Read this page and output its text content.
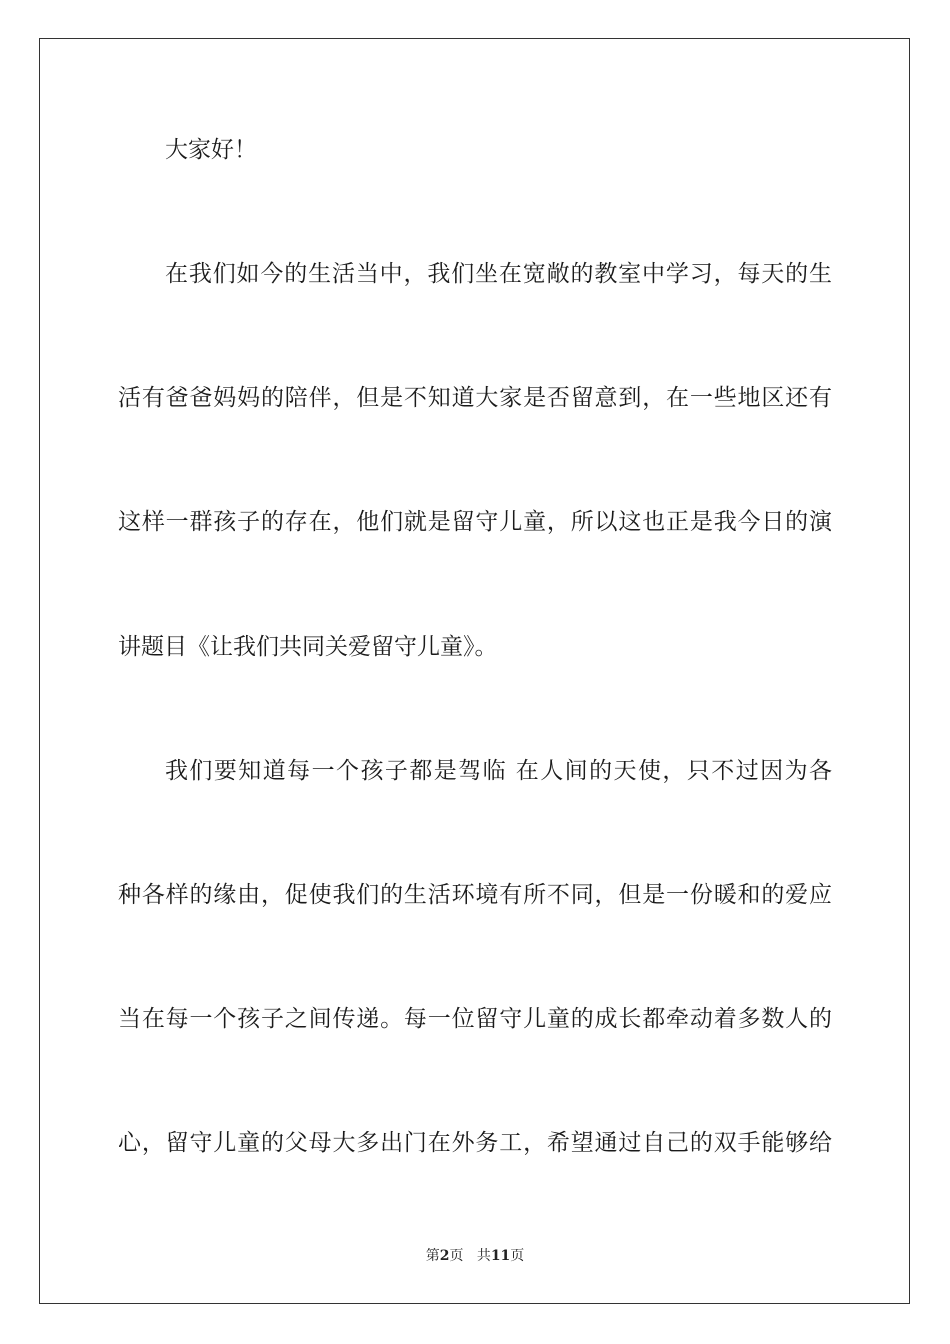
大家好！
在我们如今的生活当中，我们坐在宽敞的教室中学习，每天的生
活有爸爸妈妈的陪伴，但是不知道大家是否留意到，在一些地区还有
这样一群孩子的存在，他们就是留守儿童，所以这也正是我今日的演
讲题目《让我们共同关爱留守儿童》。
我们要知道每一个孩子都是驾临 在人间的天使，只不过因为各
种各样的缘由，促使我们的生活环境有所不同，但是一份暖和的爱应
当在每一个孩子之间传递。每一位留守儿童的成长都牵动着多数人的
心，留守儿童的父母大多出门在外务工，希望通过自己的双手能够给
第2页 共11页
